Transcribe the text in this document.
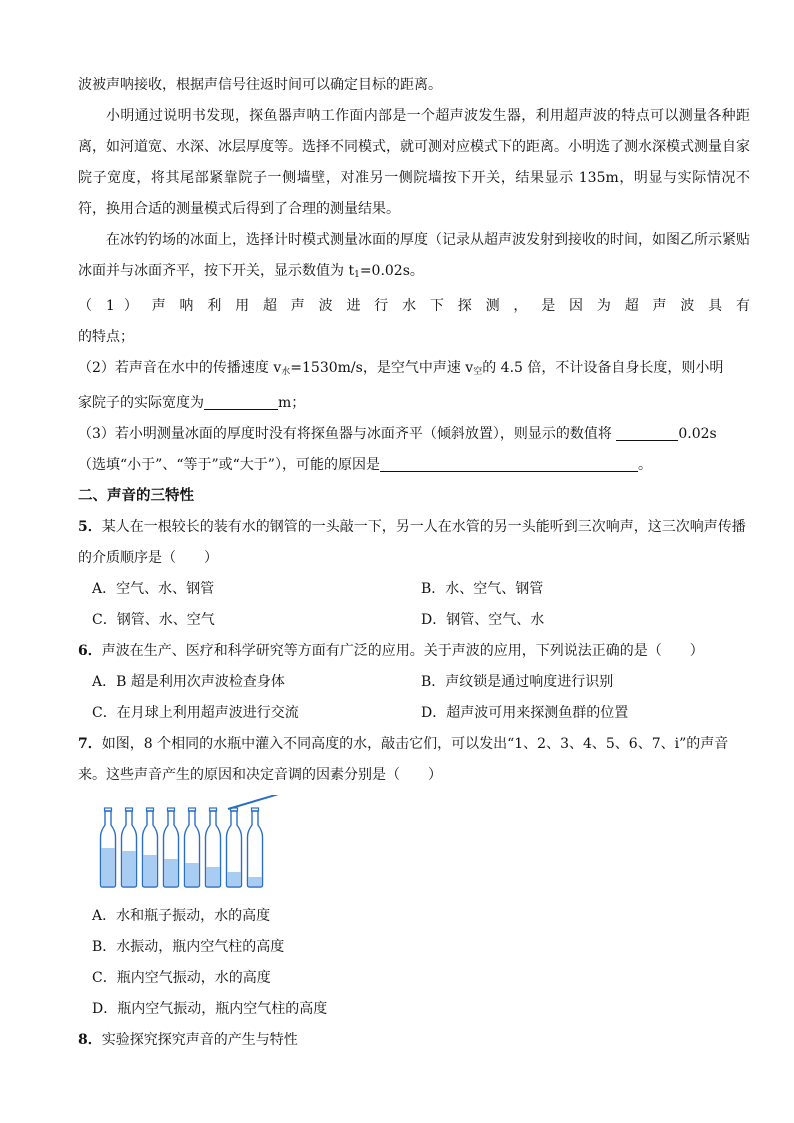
波被声呐接收，根据声信号往返时间可以确定目标的距离。

小明通过说明书发现，探鱼器声呐工作面内部是一个超声波发生器，利用超声波的特点可以测量各种距离，如河道宽、水深、冰层厚度等。选择不同模式，就可测对应模式下的距离。小明选了测水深模式测量自家院子宽度，将其尾部紧靠院子一侧墙壁，对准另一侧院墙按下开关，结果显示 135m，明显与实际情况不符，换用合适的测量模式后得到了合理的测量结果。

在冰钓钓场的冰面上，选择计时模式测量冰面的厚度（记录从超声波发射到接收的时间，如图乙所示紧贴冰面并与冰面齐平，按下开关，显示数值为 $t_1=0.02s$。

（ 1 ） 声 呐 利 用 超 声 波 进 行 水 下 探 测 ， 是 因 为 超 声 波 具 有

的特点；

（2）若声音在水中的传播速度 $v_水=1530m/s$，是空气中声速 $v_空$的 4.5 倍，不计设备自身长度，则小明

家院子的实际宽度为	m；

（3）若小明测量冰面的厚度时没有将探鱼器与冰面齐平（倾斜放置），则显示的数值将	0.02s

（选填“小于”、“等于”或“大于”），可能的原因是	。

二、声音的三特性

5．某人在一根较长的装有水的钢管的一头敲一下，另一人在水管的另一头能听到三次响声，这三次响声传播的介质顺序是（　　）

A．空气、水、钢管	B．水、空气、钢管
C．钢管、水、空气	D．钢管、空气、水

6．声波在生产、医疗和科学研究等方面有广泛的应用。关于声波的应用，下列说法正确的是（　　）

A．B 超是利用次声波检查身体	B．声纹锁是通过响度进行识别
C．在月球上利用超声波进行交流	D．超声波可用来探测鱼群的位置

7．如图，8 个相同的水瓶中灌入不同高度的水，敲击它们，可以发出“1、2、3、4、5、6、7、i”的声音来。这些声音产生的原因和决定音调的因素分别是（　　）

A．水和瓶子振动，水的高度

B．水振动，瓶内空气柱的高度

C．瓶内空气振动，水的高度

D．瓶内空气振动，瓶内空气柱的高度

8．实验探究探究声音的产生与特性
